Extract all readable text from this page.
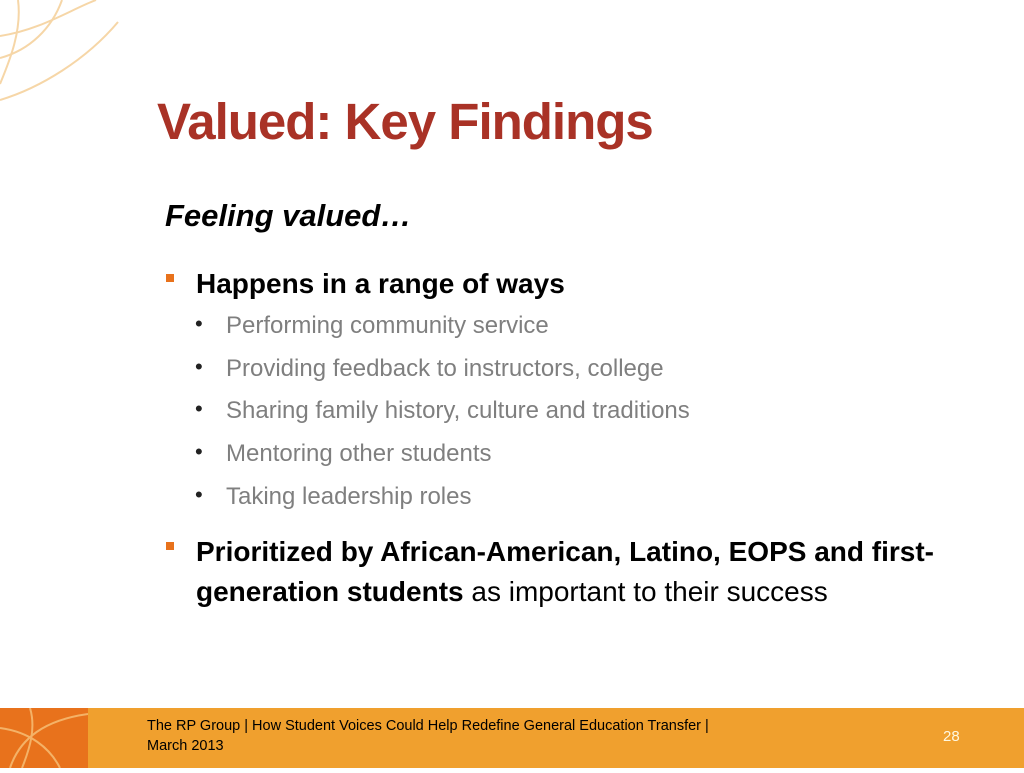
Valued: Key Findings

Feeling valued…

Happens in a range of ways
• Performing community service
• Providing feedback to instructors, college
• Sharing family history, culture and traditions
• Mentoring other students
• Taking leadership roles
Prioritized by African-American, Latino, EOPS and first-generation students as important to their success
The RP Group | How Student Voices Could Help Redefine General Education Transfer |
March 2013
28
